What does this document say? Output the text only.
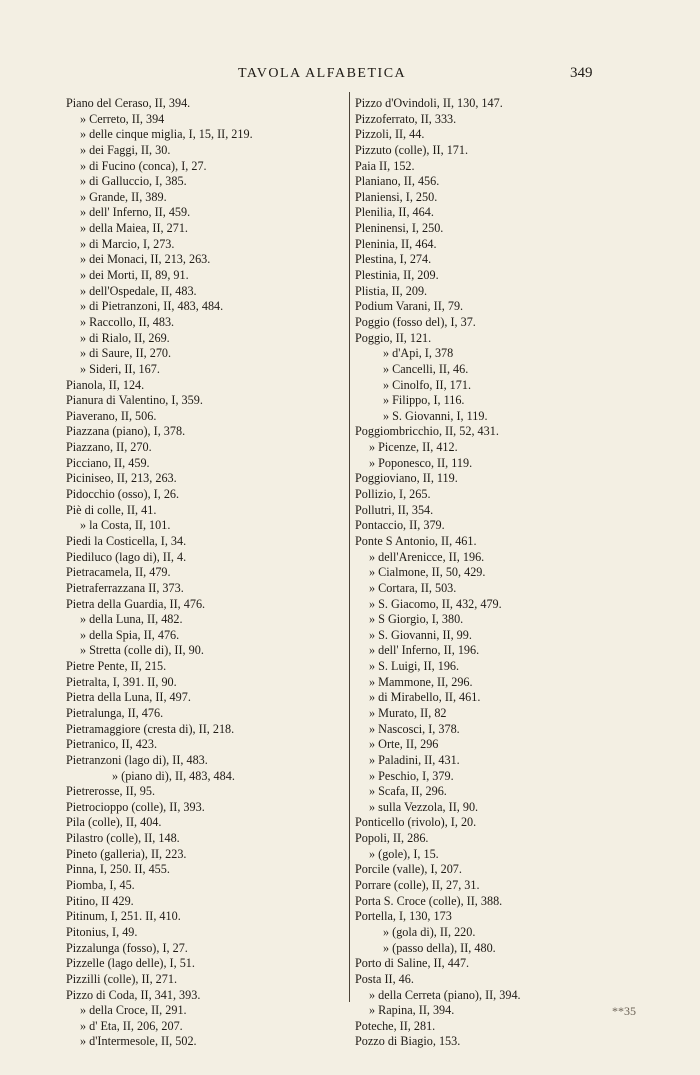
TAVOLA ALFABETICA	349
Piano del Ceraso, II, 394.
» Cerreto, II, 394
» delle cinque miglia, I, 15, II, 219.
» dei Faggi, II, 30.
» di Fucino (conca), I, 27.
» di Galluccio, I, 385.
» Grande, II, 389.
» dell' Inferno, II, 459.
» della Maiea, II, 271.
» di Marcio, I, 273.
» dei Monaci, II, 213, 263.
» dei Morti, II, 89, 91.
» dell'Ospedale, II, 483.
» di Pietranzoni, II, 483, 484.
» Raccollo, II, 483.
» di Rialo, II, 269.
» di Saure, II, 270.
» Sideri, II, 167.
Pianola, II, 124.
Pianura di Valentino, I, 359.
Piaverano, II, 506.
Piazzana (piano), I, 378.
Piazzano, II, 270.
Picciano, II, 459.
Piciniseo, II, 213, 263.
Pidocchio (osso), I, 26.
Piè di colle, II, 41.
» la Costa, II, 101.
Piedi la Costicella, I, 34.
Piediluco (lago di), II, 4.
Pietracamela, II, 479.
Pietraferrazzana II, 373.
Pietra della Guardia, II, 476.
» della Luna, II, 482.
» della Spia, II, 476.
» Stretta (colle di), II, 90.
Pietre Pente, II, 215.
Pietralta, I, 391. II, 90.
Pietra della Luna, II, 497.
Pietralunga, II, 476.
Pietramaggiore (cresta di), II, 218.
Pietranico, II, 423.
Pietranzoni (lago di), II, 483.
» (piano di), II, 483, 484.
Pietrerosse, II, 95.
Pietrocioppo (colle), II, 393.
Pila (colle), II, 404.
Pilastro (colle), II, 148.
Pineto (galleria), II, 223.
Pinna, I, 250. II, 455.
Piomba, I, 45.
Pitino, II 429.
Pitinum, I, 251. II, 410.
Pitonius, I, 49.
Pizzalunga (fosso), I, 27.
Pizzelle (lago delle), I, 51.
Pizzilli (colle), II, 271.
Pizzo di Coda, II, 341, 393.
» della Croce, II, 291.
» d' Eta, II, 206, 207.
» d'Intermesole, II, 502.
Pizzo d'Ovindoli, II, 130, 147.
Pizzoferrato, II, 333.
Pizzoli, II, 44.
Pizzuto (colle), II, 171.
Paia II, 152.
Planiano, II, 456.
Planiensi, I, 250.
Plenilia, II, 464.
Pleninensi, I, 250.
Pleninia, II, 464.
Plestina, I, 274.
Plestinia, II, 209.
Plistia, II, 209.
Podium Varani, II, 79.
Poggio (fosso del), I, 37.
Poggio, II, 121.
» d'Api, I, 378
» Cancelli, II, 46.
» Cinolfo, II, 171.
» Filippo, I, 116.
» S. Giovanni, I, 119.
Poggiombricchio, II, 52, 431.
» Picenze, II, 412.
» Poponesco, II, 119.
Poggioviano, II, 119.
Pollizio, I, 265.
Pollutri, II, 354.
Pontaccio, II, 379.
Ponte S Antonio, II, 461.
» dell'Arenicce, II, 196.
» Cialmone, II, 50, 429.
» Cortara, II, 503.
» S. Giacomo, II, 432, 479.
» S Giorgio, I, 380.
» S. Giovanni, II, 99.
» dell' Inferno, II, 196.
» S. Luigi, II, 196.
» Mammone, II, 296.
» di Mirabello, II, 461.
» Murato, II, 82
» Nascosci, I, 378.
» Orte, II, 296
» Paladini, II, 431.
» Peschio, I, 379.
» Scafa, II, 296.
» sulla Vezzola, II, 90.
Ponticello (rivolo), I, 20.
Popoli, II, 286.
» (gole), I, 15.
Porcile (valle), I, 207.
Porrare (colle), II, 27, 31.
Porta S. Croce (colle), II, 388.
Portella, I, 130, 173
» (gola di), II, 220.
» (passo della), II, 480.
Porto di Saline, II, 447.
Posta II, 46.
» della Cerreta (piano), II, 394.
» Rapina, II, 394.
Poteche, II, 281.
Pozzo di Biagio, 153.
**35
